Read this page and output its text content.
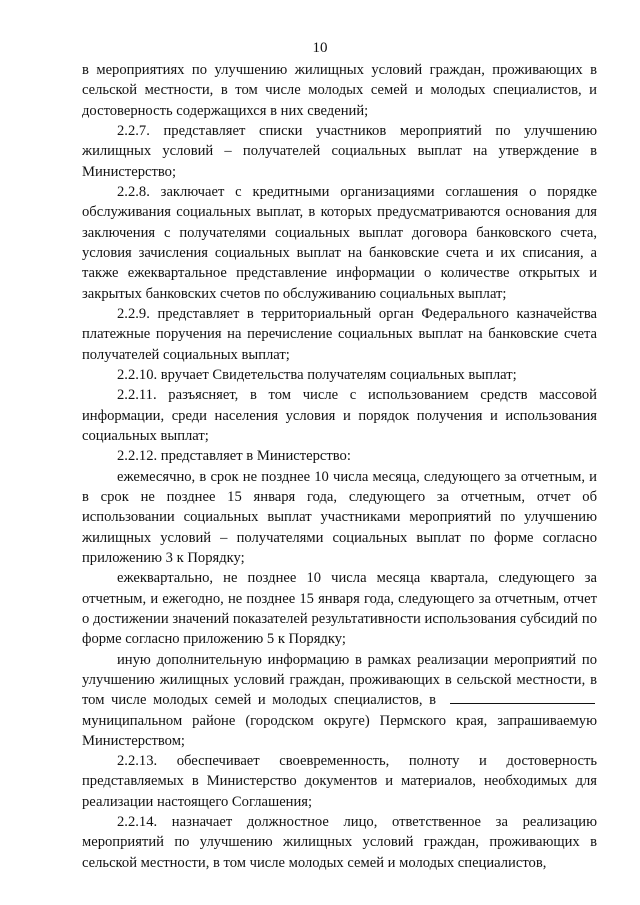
10

в мероприятиях по улучшению жилищных условий граждан, проживающих в сельской местности, в том числе молодых семей и молодых специалистов, и достоверность содержащихся в них сведений;

2.2.7. представляет списки участников мероприятий по улучшению жилищных условий – получателей социальных выплат на утверждение в Министерство;

2.2.8. заключает с кредитными организациями соглашения о порядке обслуживания социальных выплат, в которых предусматриваются основания для заключения с получателями социальных выплат договора банковского счета, условия зачисления социальных выплат на банковские счета и их списания, а также ежеквартальное представление информации о количестве открытых и закрытых банковских счетов по обслуживанию социальных выплат;

2.2.9. представляет в территориальный орган Федерального казначейства платежные поручения на перечисление социальных выплат на банковские счета получателей социальных выплат;

2.2.10. вручает Свидетельства получателям социальных выплат;

2.2.11. разъясняет, в том числе с использованием средств массовой информации, среди населения условия и порядок получения и использования социальных выплат;

2.2.12. представляет в Министерство:

ежемесячно, в срок не позднее 10 числа месяца, следующего за отчетным, и в срок не позднее 15 января года, следующего за отчетным, отчет об использовании социальных выплат участниками мероприятий по улучшению жилищных условий – получателями социальных выплат по форме согласно приложению 3 к Порядку;

ежеквартально, не позднее 10 числа месяца квартала, следующего за отчетным, и ежегодно, не позднее 15 января года, следующего за отчетным, отчет о достижении значений показателей результативности использования субсидий по форме согласно приложению 5 к Порядку;

иную дополнительную информацию в рамках реализации мероприятий по улучшению жилищных условий граждан, проживающих в сельской местности, в том числе молодых семей и молодых специалистов, вмуниципальном районе (городском округе) Пермского края, запрашиваемую Министерством;

2.2.13. обеспечивает своевременность, полноту и достоверность представляемых в Министерство документов и материалов, необходимых для реализации настоящего Соглашения;

2.2.14. назначает должностное лицо, ответственное за реализацию мероприятий по улучшению жилищных условий граждан, проживающих в сельской местности, в том числе молодых семей и молодых специалистов,
